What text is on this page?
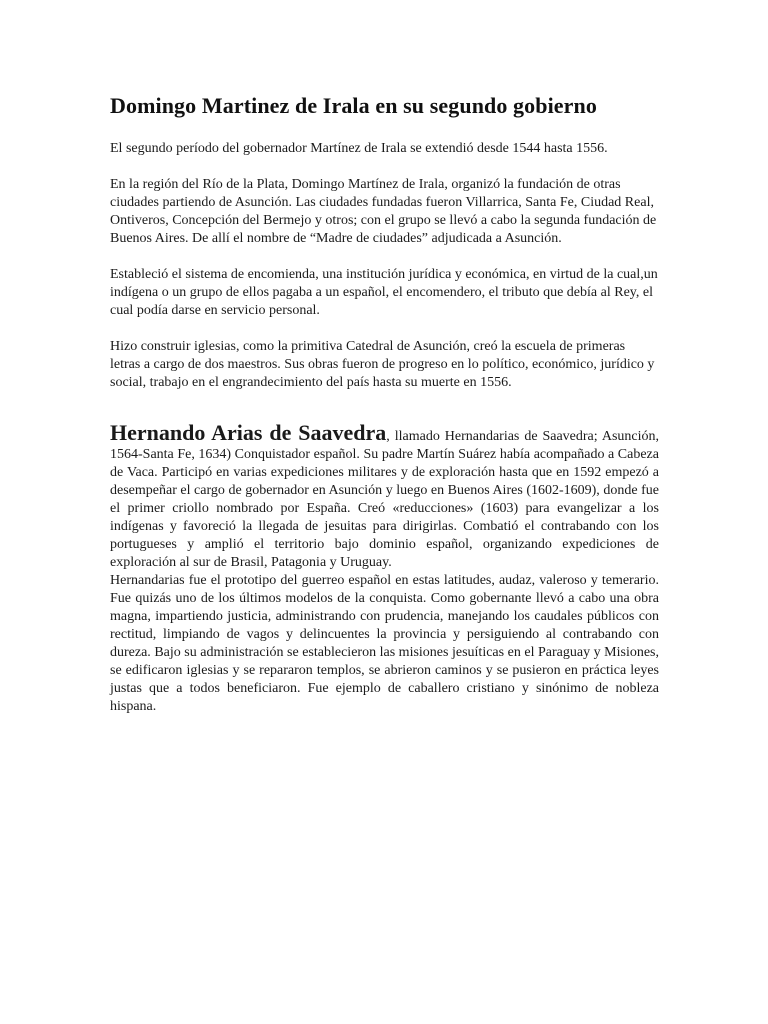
Domingo Martinez de Irala en su segundo gobierno

El segundo período del gobernador Martínez de Irala se extendió desde 1544 hasta 1556.

En la región del Río de la Plata, Domingo Martínez de Irala, organizó la fundación de otras ciudades partiendo de Asunción. Las ciudades fundadas fueron Villarrica, Santa Fe, Ciudad Real, Ontiveros, Concepción del Bermejo y otros; con el grupo se llevó a cabo la segunda fundación de Buenos Aires. De allí el nombre de “Madre de ciudades” adjudicada a Asunción.

Estableció el sistema de encomienda, una institución jurídica y económica, en virtud de la cual,un indígena o un grupo de ellos pagaba a un español, el encomendero, el tributo que debía al Rey, el cual podía darse en servicio personal.

Hizo construir iglesias, como la primitiva Catedral de Asunción, creó la escuela de primeras

letras a cargo de dos maestros. Sus obras fueron de progreso en lo político, económico, jurídico y

social, trabajo en el engrandecimiento del país hasta su muerte en 1556.

Hernando Arias de Saavedra, llamado Hernandarias de Saavedra; Asunción, 1564-Santa Fe, 1634) Conquistador español. Su padre Martín Suárez había acompañado a Cabeza de Vaca. Participó en varias expediciones militares y de exploración hasta que en 1592 empezó a desempeñar el cargo de gobernador en Asunción y luego en Buenos Aires (1602-1609), donde fue el primer criollo nombrado por España. Creó «reducciones» (1603) para evangelizar a los indígenas y favoreció la llegada de jesuitas para dirigirlas. Combatió el contrabando con los portugueses y amplió el territorio bajo dominio español, organizando expediciones de exploración al sur de Brasil, Patagonia y Uruguay.

Hernandarias fue el prototipo del guerreo español en estas latitudes, audaz, valeroso y temerario. Fue quizás uno de los últimos modelos de la conquista. Como gobernante llevó a cabo una obra magna, impartiendo justicia, administrando con prudencia, manejando los caudales públicos con rectitud, limpiando de vagos y delincuentes la provincia y persiguiendo al contrabando con dureza. Bajo su administración se establecieron las misiones jesuíticas en el Paraguay y Misiones, se edificaron iglesias y se repararon templos, se abrieron caminos y se pusieron en práctica leyes justas que a todos beneficiaron. Fue ejemplo de caballero cristiano y sinónimo de nobleza hispana.
